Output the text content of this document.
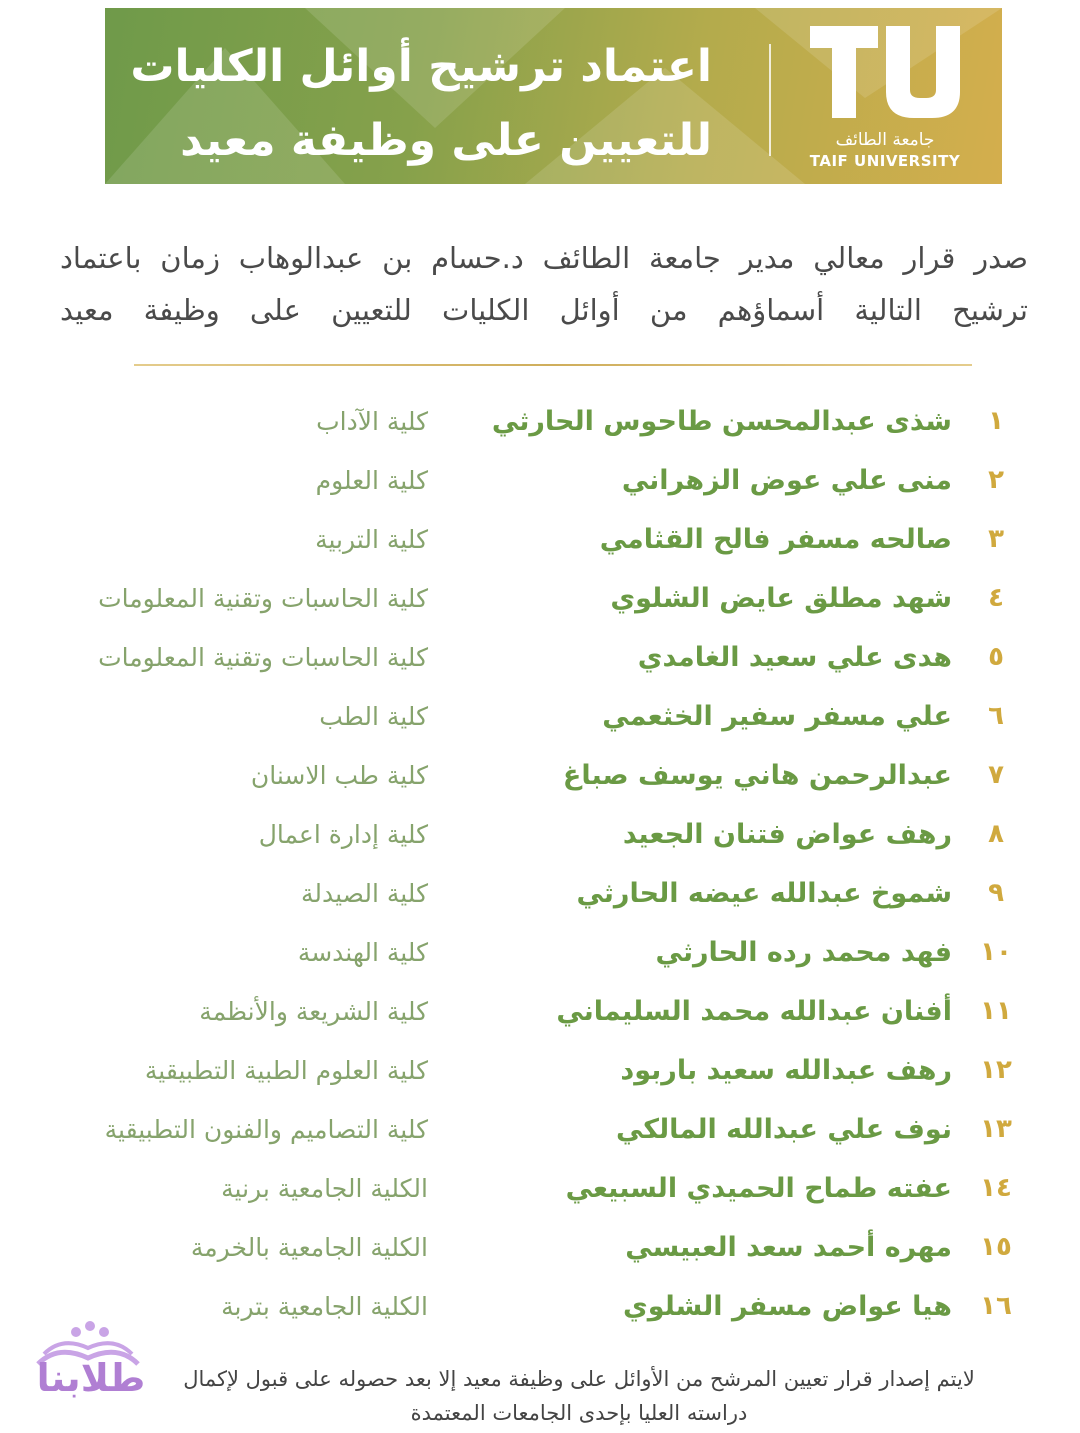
اعتماد ترشيح أوائل الكليات
للتعيين على وظيفة معيد	جامعة الطائف
TAIF UNIVERSITY

صدر قرار معالي مدير جامعة الطائف د.حسام بن عبدالوهاب زمان باعتماد

ترشيح التالية أسماؤهم من أوائل الكليات للتعيين على وظيفة معيد

١
شذى عبدالمحسن طاحوس الحارثي
كلية الآداب
٢
منى علي عوض الزهراني
كلية العلوم
٣
صالحه مسفر فالح القثامي
كلية التربية
٤
شهد مطلق عايض الشلوي
كلية الحاسبات وتقنية المعلومات
٥
هدى علي سعيد الغامدي
كلية الحاسبات وتقنية المعلومات
٦
علي مسفر سفير الخثعمي
كلية الطب
٧
عبدالرحمن هاني يوسف صباغ
كلية طب الاسنان
٨
رهف عواض فتنان الجعيد
كلية إدارة اعمال
٩
شموخ عبدالله عيضه الحارثي
كلية الصيدلة
١٠
فهد محمد رده الحارثي
كلية الهندسة
١١
أفنان عبدالله محمد السليماني
كلية الشريعة والأنظمة
١٢
رهف عبدالله سعيد باربود
كلية العلوم الطبية التطبيقية
١٣
نوف علي عبدالله المالكي
كلية التصاميم والفنون التطبيقية
١٤
عفته طماح الحميدي السبيعي
الكلية الجامعية برنية
١٥
مهره أحمد سعد العبيسي
الكلية الجامعية بالخرمة
١٦
هيا عواض مسفر الشلوي
الكلية الجامعية بتربة

لايتم إصدار قرار تعيين المرشح من الأوائل على وظيفة معيد إلا بعد حصوله على قبول لإكمال

دراسته العليا بإحدى الجامعات المعتمدة

طلابنا
